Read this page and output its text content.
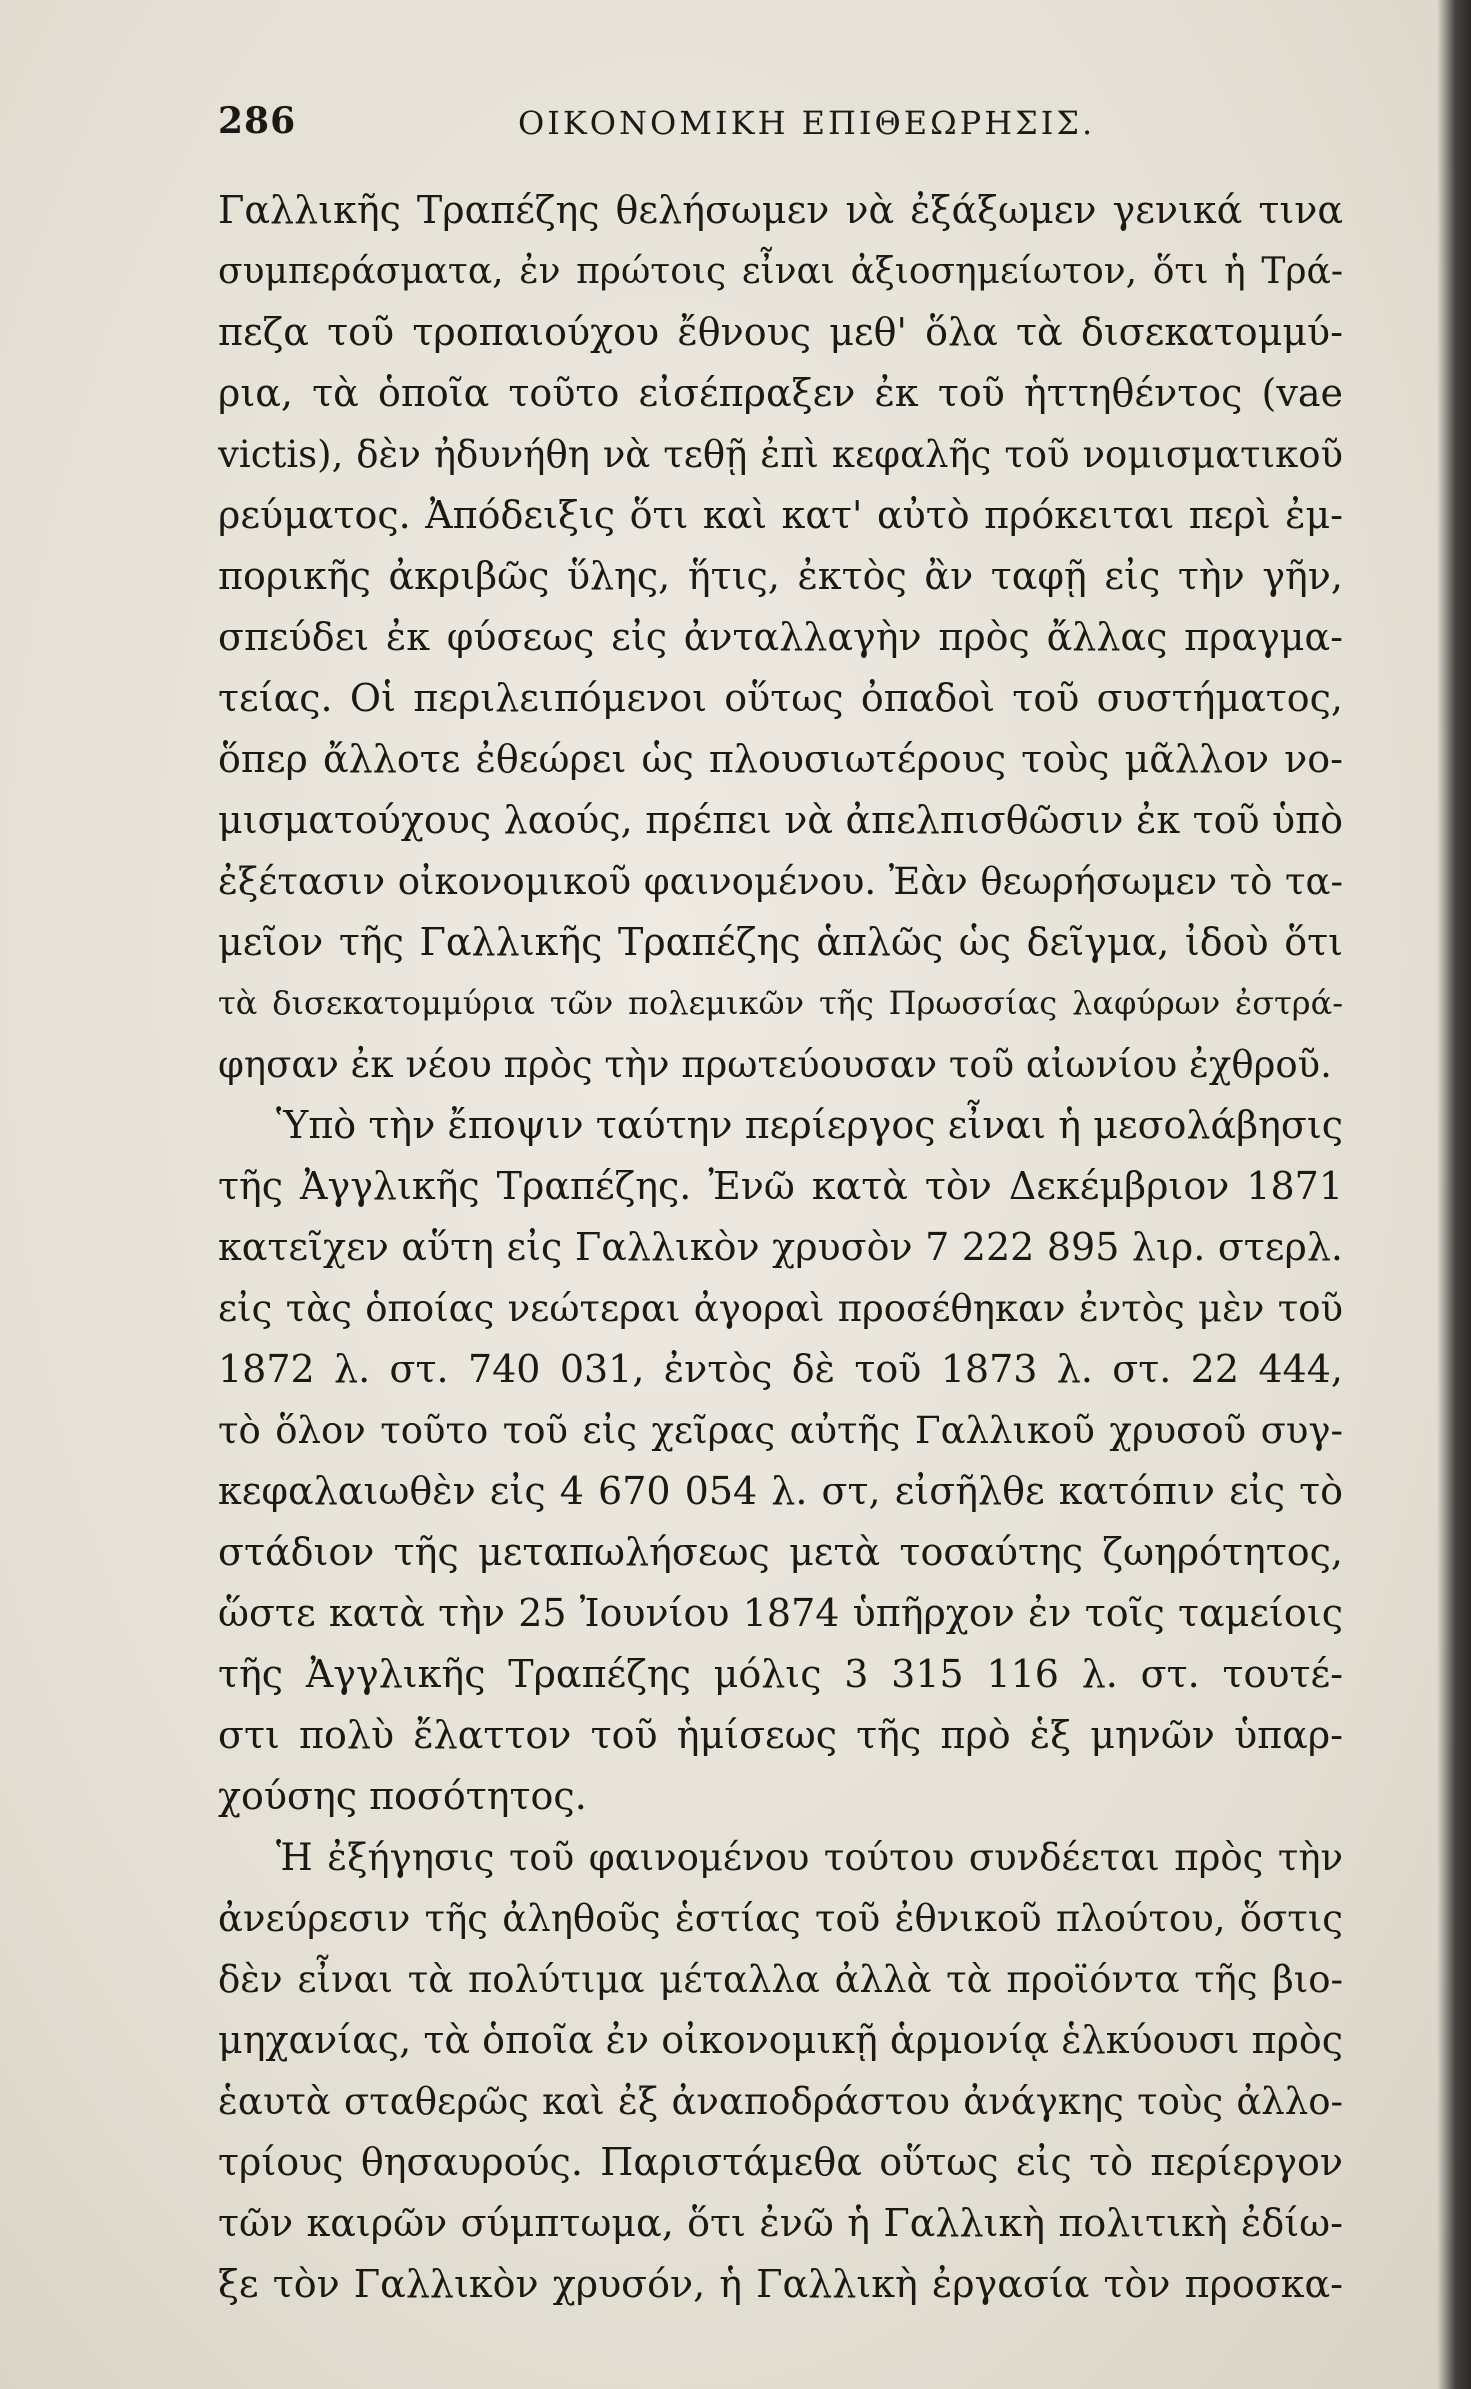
286	ΟΙΚΟΝΟΜΙΚΗ ΕΠΙΘΕΩΡΗΣΙΣ.
Γαλλικῆς Τραπέζης θελήσωμεν νὰ ἐξάξωμεν γενικά τινα
συμπεράσματα, ἐν πρώτοις εἶναι ἀξιοσημείωτον, ὅτι ἡ Τρά-
πεζα τοῦ τροπαιούχου ἔθνους μεθ' ὅλα τὰ δισεκατομμύ-
ρια, τὰ ὁποῖα τοῦτο εἰσέπραξεν ἐκ τοῦ ἡττηθέντος (vae
victis), δὲν ἠδυνήθη νὰ τεθῇ ἐπὶ κεφαλῆς τοῦ νομισματικοῦ
ρεύματος. Ἀπόδειξις ὅτι καὶ κατ' αὐτὸ πρόκειται περὶ ἐμ-
πορικῆς ἀκριβῶς ὕλης, ἥτις, ἐκτὸς ἂν ταφῇ εἰς τὴν γῆν,
σπεύδει ἐκ φύσεως εἰς ἀνταλλαγὴν πρὸς ἄλλας πραγμα-
τείας. Οἱ περιλειπόμενοι οὕτως ὀπαδοὶ τοῦ συστήματος,
ὅπερ ἄλλοτε ἐθεώρει ὡς πλουσιωτέρους τοὺς μᾶλλον νο-
μισματούχους λαούς, πρέπει νὰ ἀπελπισθῶσιν ἐκ τοῦ ὑπὸ
ἐξέτασιν οἰκονομικοῦ φαινομένου. Ἐὰν θεωρήσωμεν τὸ τα-
μεῖον τῆς Γαλλικῆς Τραπέζης ἁπλῶς ὡς δεῖγμα, ἰδοὺ ὅτι
τὰ δισεκατομμύρια τῶν πολεμικῶν τῆς Πρωσσίας λαφύρων ἐστρά-
φησαν ἐκ νέου πρὸς τὴν πρωτεύουσαν τοῦ αἰωνίου ἐχθροῦ.
Ὑπὸ τὴν ἔποψιν ταύτην περίεργος εἶναι ἡ μεσολάβησις
τῆς Ἀγγλικῆς Τραπέζης. Ἐνῶ κατὰ τὸν Δεκέμβριον 1871
κατεῖχεν αὕτη εἰς Γαλλικὸν χρυσὸν 7 222 895 λιρ. στερλ.
εἰς τὰς ὁποίας νεώτεραι ἀγοραὶ προσέθηκαν ἐντὸς μὲν τοῦ
1872 λ. στ. 740 031, ἐντὸς δὲ τοῦ 1873 λ. στ. 22 444,
τὸ ὅλον τοῦτο τοῦ εἰς χεῖρας αὐτῆς Γαλλικοῦ χρυσοῦ συγ-
κεφαλαιωθὲν εἰς 4 670 054 λ. στ, εἰσῆλθε κατόπιν εἰς τὸ
στάδιον τῆς μεταπωλήσεως μετὰ τοσαύτης ζωηρότητος,
ὥστε κατὰ τὴν 25 Ἰουνίου 1874 ὑπῆρχον ἐν τοῖς ταμείοις
τῆς Ἀγγλικῆς Τραπέζης μόλις 3 315 116 λ. στ. τουτέ-
στι πολὺ ἔλαττον τοῦ ἡμίσεως τῆς πρὸ ἑξ μηνῶν ὑπαρ-
χούσης ποσότητος.
Ἡ ἐξήγησις τοῦ φαινομένου τούτου συνδέεται πρὸς τὴν
ἀνεύρεσιν τῆς ἀληθοῦς ἑστίας τοῦ ἐθνικοῦ πλούτου, ὅστις
δὲν εἶναι τὰ πολύτιμα μέταλλα ἀλλὰ τὰ προϊόντα τῆς βιο-
μηχανίας, τὰ ὁποῖα ἐν οἰκονομικῇ ἁρμονίᾳ ἑλκύουσι πρὸς
ἑαυτὰ σταθερῶς καὶ ἐξ ἀναποδράστου ἀνάγκης τοὺς ἀλλο-
τρίους θησαυρούς. Παριστάμεθα οὕτως εἰς τὸ περίεργον
τῶν καιρῶν σύμπτωμα, ὅτι ἐνῶ ἡ Γαλλικὴ πολιτικὴ ἐδίω-
ξε τὸν Γαλλικὸν χρυσόν, ἡ Γαλλικὴ ἐργασία τὸν προσκα-
